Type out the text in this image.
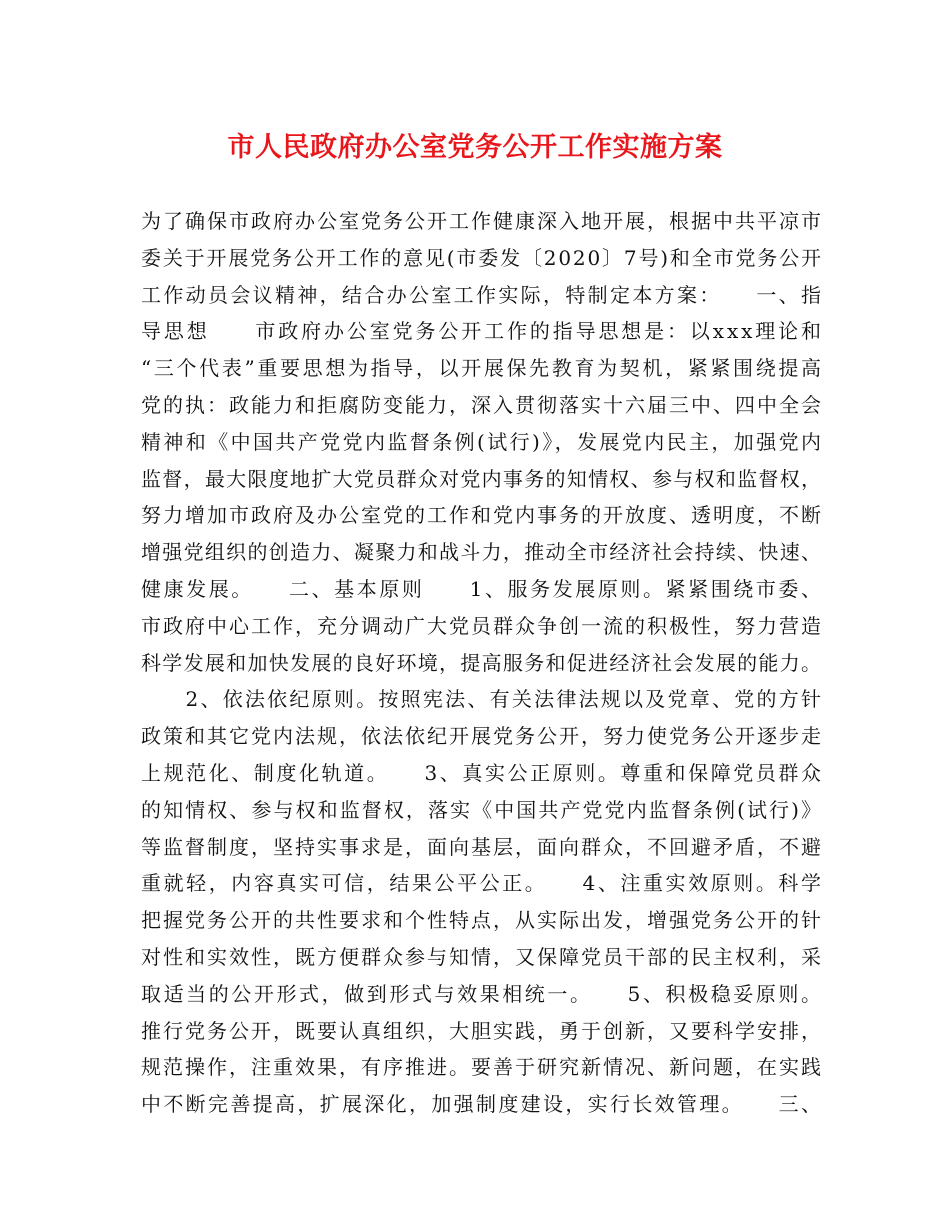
市人民政府办公室党务公开工作实施方案
为了确保市政府办公室党务公开工作健康深入地开展，根据中共平凉市
委关于开展党务公开工作的意见(市委发〔2020〕7号)和全市党务公开
工作动员会议精神，结合办公室工作实际，特制定本方案：　　一、指
导思想　　市政府办公室党务公开工作的指导思想是：以xxx理论和
“三个代表”重要思想为指导，以开展保先教育为契机，紧紧围绕提高
党的执：政能力和拒腐防变能力，深入贯彻落实十六届三中、四中全会
精神和《中国共产党党内监督条例(试行)》，发展党内民主，加强党内
监督，最大限度地扩大党员群众对党内事务的知情权、参与权和监督权，
努力增加市政府及办公室党的工作和党内事务的开放度、透明度，不断
增强党组织的创造力、凝聚力和战斗力，推动全市经济社会持续、快速、
健康发展。　　二、基本原则　　1、服务发展原则。紧紧围绕市委、
市政府中心工作，充分调动广大党员群众争创一流的积极性，努力营造
科学发展和加快发展的良好环境，提高服务和促进经济社会发展的能力。
　　2、依法依纪原则。按照宪法、有关法律法规以及党章、党的方针
政策和其它党内法规，依法依纪开展党务公开，努力使党务公开逐步走
上规范化、制度化轨道。　　3、真实公正原则。尊重和保障党员群众
的知情权、参与权和监督权，落实《中国共产党党内监督条例(试行)》
等监督制度，坚持实事求是，面向基层，面向群众，不回避矛盾，不避
重就轻，内容真实可信，结果公平公正。　　4、注重实效原则。科学
把握党务公开的共性要求和个性特点，从实际出发，增强党务公开的针
对性和实效性，既方便群众参与知情，又保障党员干部的民主权利，采
取适当的公开形式，做到形式与效果相统一。　　5、积极稳妥原则。
推行党务公开，既要认真组织，大胆实践，勇于创新，又要科学安排，
规范操作，注重效果，有序推进。要善于研究新情况、新问题，在实践
中不断完善提高，扩展深化，加强制度建设，实行长效管理。　　三、
